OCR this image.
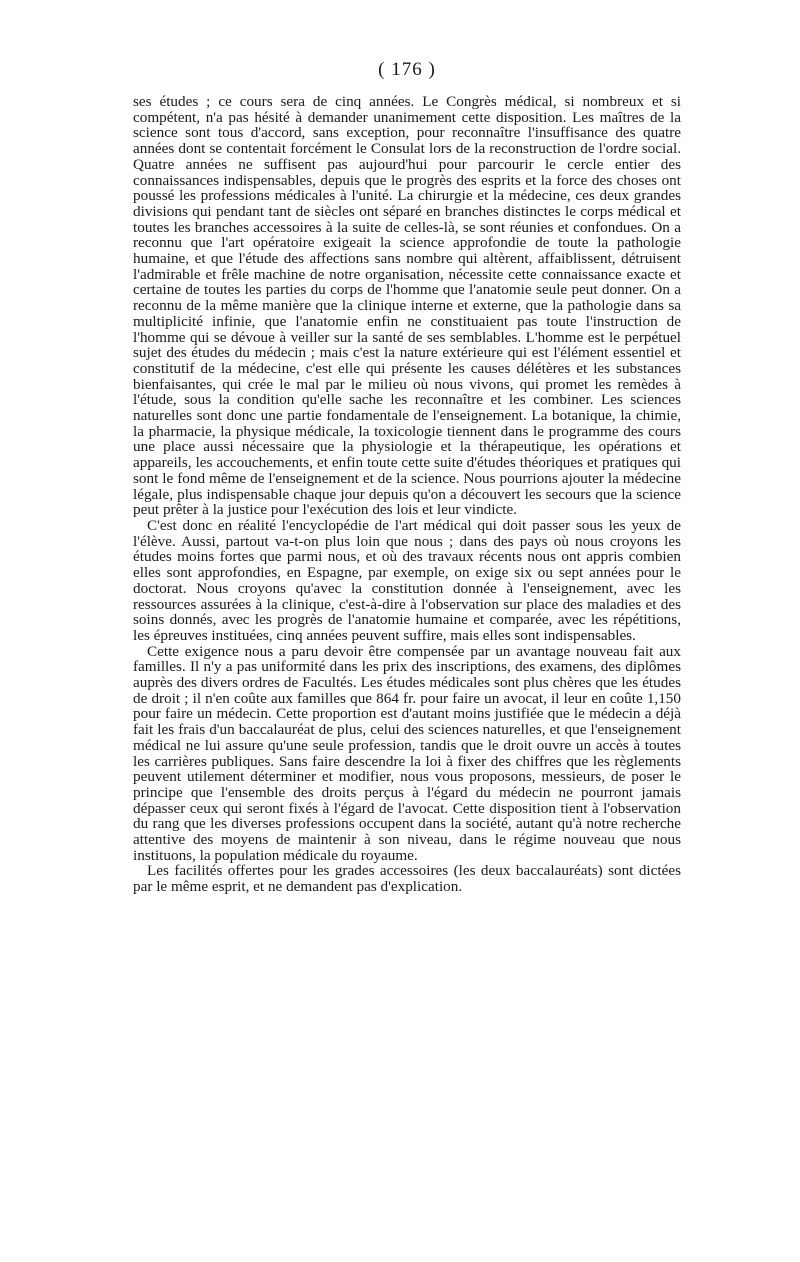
( 176 )

ses études ; ce cours sera de cinq années. Le Congrès médical, si nombreux et si compétent, n'a pas hésité à demander unanimement cette disposition. Les maîtres de la science sont tous d'accord, sans exception, pour reconnaître l'insuffisance des quatre années dont se contentait forcément le Consulat lors de la reconstruction de l'ordre social. Quatre années ne suffisent pas aujourd'hui pour parcourir le cercle entier des connaissances indispensables, depuis que le progrès des esprits et la force des choses ont poussé les professions médicales à l'unité. La chirurgie et la médecine, ces deux grandes divisions qui pendant tant de siècles ont séparé en branches distinctes le corps médical et toutes les branches accessoires à la suite de celles-là, se sont réunies et confondues. On a reconnu que l'art opératoire exigeait la science approfondie de toute la pathologie humaine, et que l'étude des affections sans nombre qui altèrent, affaiblissent, détruisent l'admirable et frêle machine de notre organisation, nécessite cette connaissance exacte et certaine de toutes les parties du corps de l'homme que l'anatomie seule peut donner. On a reconnu de la même manière que la clinique interne et externe, que la pathologie dans sa multiplicité infinie, que l'anatomie enfin ne constituaient pas toute l'instruction de l'homme qui se dévoue à veiller sur la santé de ses semblables. L'homme est le perpétuel sujet des études du médecin ; mais c'est la nature extérieure qui est l'élément essentiel et constitutif de la médecine, c'est elle qui présente les causes délétères et les substances bienfaisantes, qui crée le mal par le milieu où nous vivons, qui promet les remèdes à l'étude, sous la condition qu'elle sache les reconnaître et les combiner. Les sciences naturelles sont donc une partie fondamentale de l'enseignement. La botanique, la chimie, la pharmacie, la physique médicale, la toxicologie tiennent dans le programme des cours une place aussi nécessaire que la physiologie et la thérapeutique, les opérations et appareils, les accouchements, et enfin toute cette suite d'études théoriques et pratiques qui sont le fond même de l'enseignement et de la science. Nous pourrions ajouter la médecine légale, plus indispensable chaque jour depuis qu'on a découvert les secours que la science peut prêter à la justice pour l'exécution des lois et leur vindicte.

C'est donc en réalité l'encyclopédie de l'art médical qui doit passer sous les yeux de l'élève. Aussi, partout va-t-on plus loin que nous ; dans des pays où nous croyons les études moins fortes que parmi nous, et où des travaux récents nous ont appris combien elles sont approfondies, en Espagne, par exemple, on exige six ou sept années pour le doctorat. Nous croyons qu'avec la constitution donnée à l'enseignement, avec les ressources assurées à la clinique, c'est-à-dire à l'observation sur place des maladies et des soins donnés, avec les progrès de l'anatomie humaine et comparée, avec les répétitions, les épreuves instituées, cinq années peuvent suffire, mais elles sont indispensables.

Cette exigence nous a paru devoir être compensée par un avantage nouveau fait aux familles. Il n'y a pas uniformité dans les prix des inscriptions, des examens, des diplômes auprès des divers ordres de Facultés. Les études médicales sont plus chères que les études de droit ; il n'en coûte aux familles que 864 fr. pour faire un avocat, il leur en coûte 1,150 pour faire un médecin. Cette proportion est d'autant moins justifiée que le médecin a déjà fait les frais d'un baccalauréat de plus, celui des sciences naturelles, et que l'enseignement médical ne lui assure qu'une seule profession, tandis que le droit ouvre un accès à toutes les carrières publiques. Sans faire descendre la loi à fixer des chiffres que les règlements peuvent utilement déterminer et modifier, nous vous proposons, messieurs, de poser le principe que l'ensemble des droits perçus à l'égard du médecin ne pourront jamais dépasser ceux qui seront fixés à l'égard de l'avocat. Cette disposition tient à l'observation du rang que les diverses professions occupent dans la société, autant qu'à notre recherche attentive des moyens de maintenir à son niveau, dans le régime nouveau que nous instituons, la population médicale du royaume.

Les facilités offertes pour les grades accessoires (les deux baccalauréats) sont dictées par le même esprit, et ne demandent pas d'explication.
